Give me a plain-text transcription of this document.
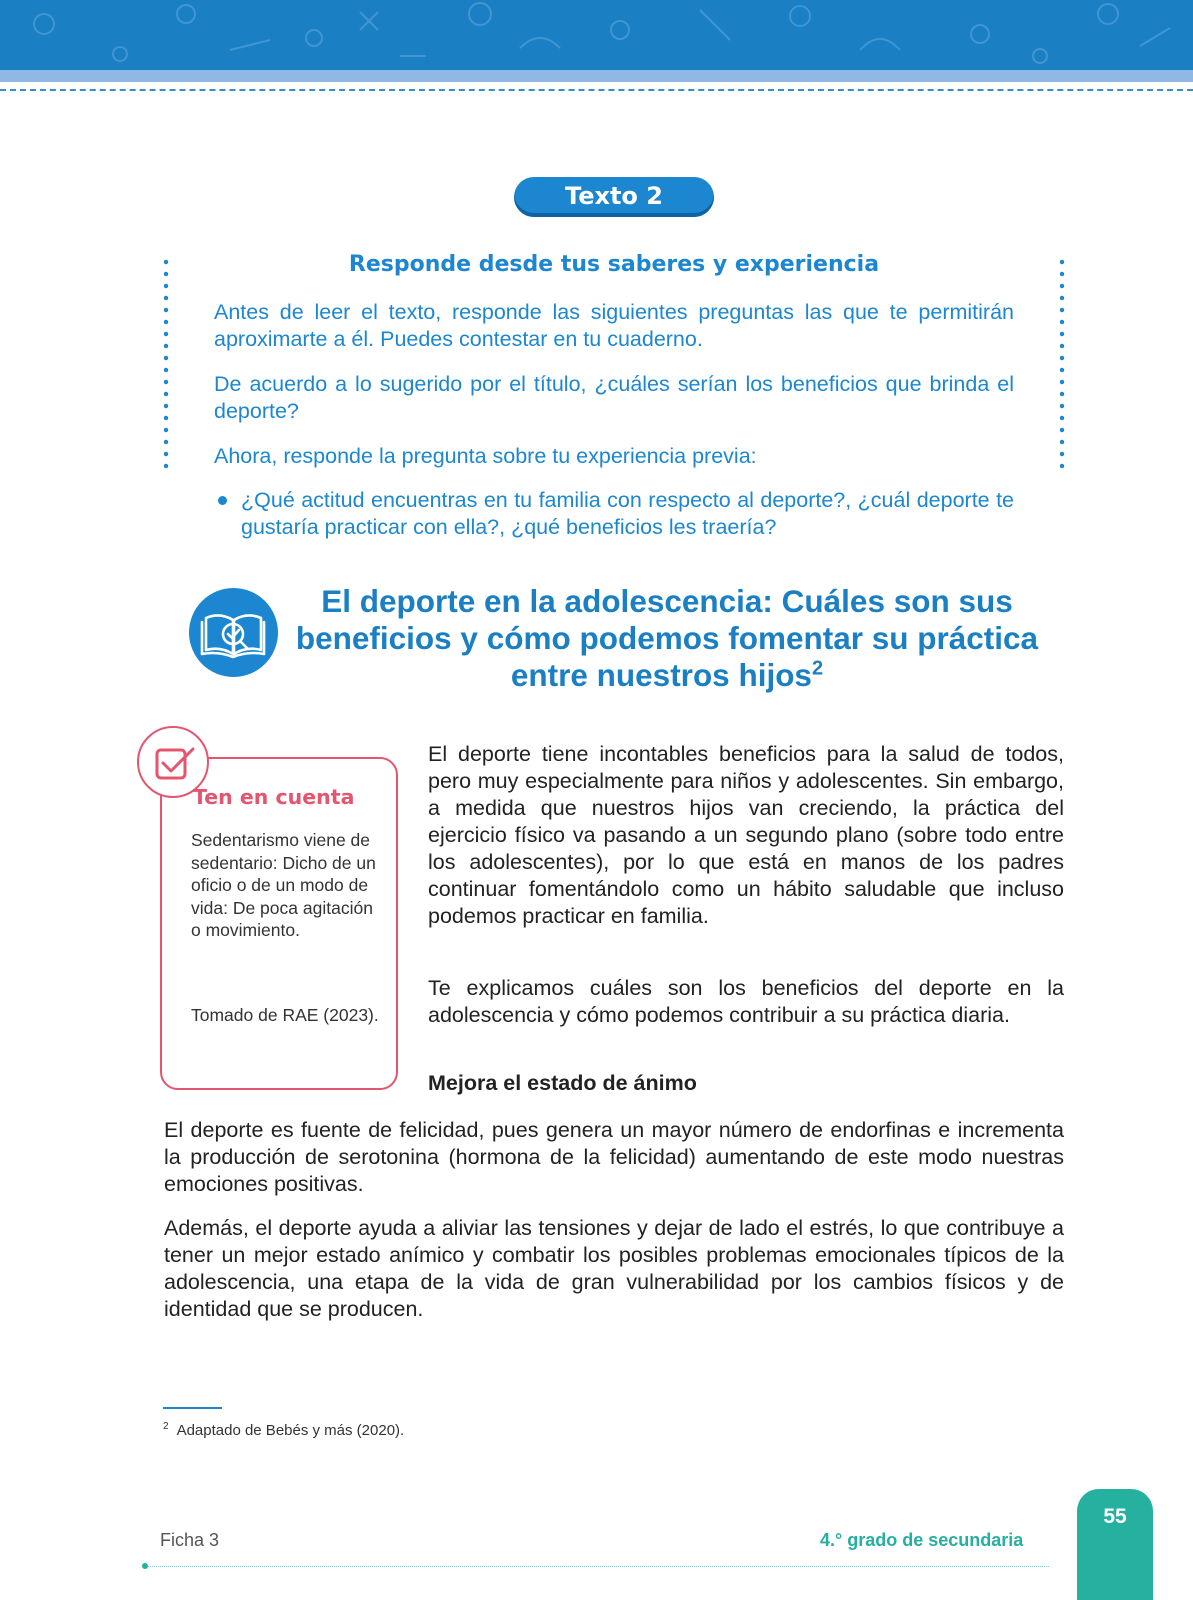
Texto 2
Responde desde tus saberes y experiencia

Antes de leer el texto, responde las siguientes preguntas las que te permitirán aproximarte a él. Puedes contestar en tu cuaderno.

De acuerdo a lo sugerido por el título, ¿cuáles serían los beneficios que brinda el deporte?

Ahora, responde la pregunta sobre tu experiencia previa:

¿Qué actitud encuentras en tu familia con respecto al deporte?, ¿cuál deporte te gustaría practicar con ella?, ¿qué beneficios les traería?

El deporte en la adolescencia: Cuáles son sus beneficios y cómo podemos fomentar su práctica entre nuestros hijos$^2$
Ten en cuenta

Sedentarismo viene de sedentario: Dicho de un oficio o de un modo de vida: De poca agitación o movimiento.

Tomado de RAE (2023).

El deporte tiene incontables beneficios para la salud de todos, pero muy especialmente para niños y adolescentes. Sin embargo, a medida que nuestros hijos van creciendo, la práctica del ejercicio físico va pasando a un segundo plano (sobre todo entre los adolescentes), por lo que está en manos de los padres continuar fomentándolo como un hábito saludable que incluso podemos practicar en familia.

Te explicamos cuáles son los beneficios del deporte en la adolescencia y cómo podemos contribuir a su práctica diaria.

Mejora el estado de ánimo

El deporte es fuente de felicidad, pues genera un mayor número de endorfinas e incrementa la producción de serotonina (hormona de la felicidad) aumentando de este modo nuestras emociones positivas.

Además, el deporte ayuda a aliviar las tensiones y dejar de lado el estrés, lo que contribuye a tener un mejor estado anímico y combatir los posibles problemas emocionales típicos de la adolescencia, una etapa de la vida de gran vulnerabilidad por los cambios físicos y de identidad que se producen.

$^2$ Adaptado de Bebés y más (2020).
Ficha 3	4.° grado de secundaria
55
